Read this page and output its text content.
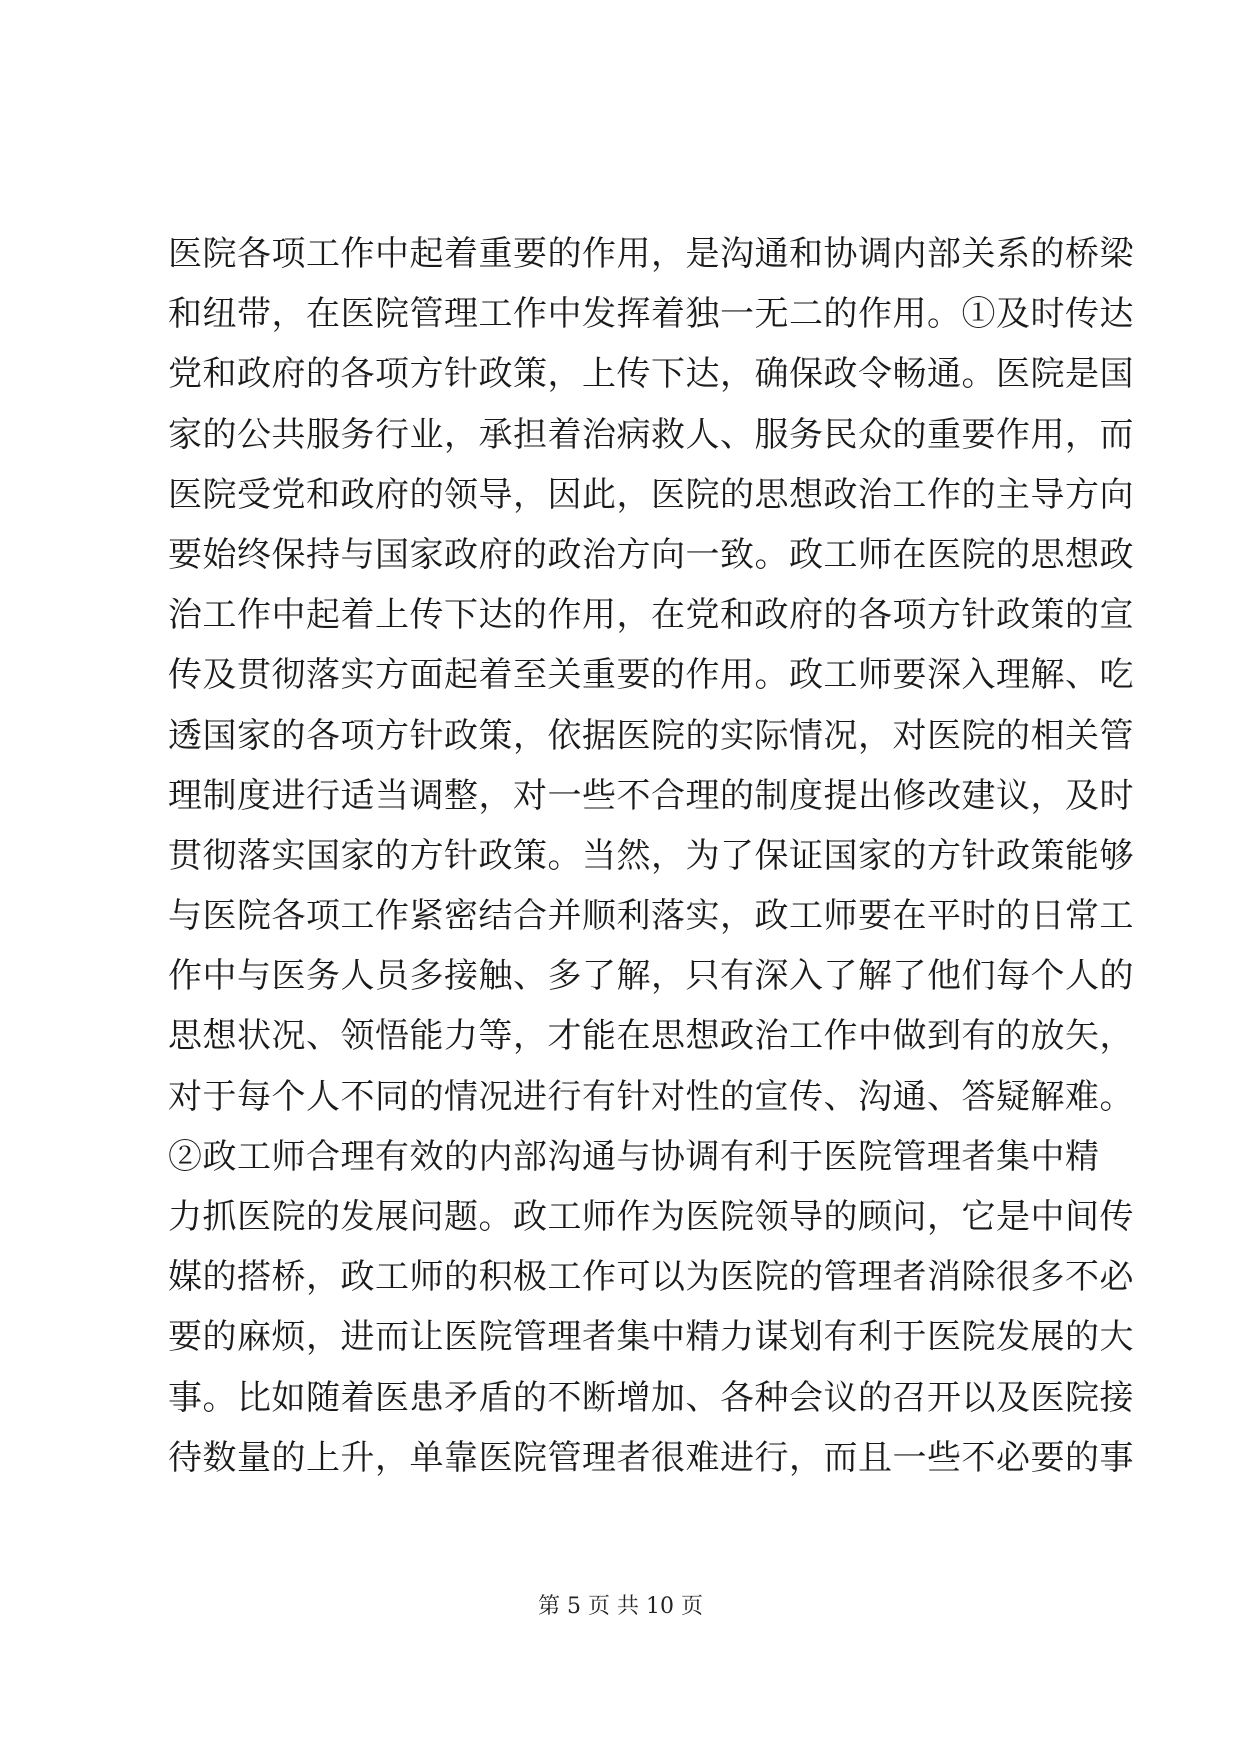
医院各项工作中起着重要的作用，是沟通和协调内部关系的桥梁
和纽带，在医院管理工作中发挥着独一无二的作用。①及时传达
党和政府的各项方针政策，上传下达，确保政令畅通。医院是国
家的公共服务行业，承担着治病救人、服务民众的重要作用，而
医院受党和政府的领导，因此，医院的思想政治工作的主导方向
要始终保持与国家政府的政治方向一致。政工师在医院的思想政
治工作中起着上传下达的作用，在党和政府的各项方针政策的宣
传及贯彻落实方面起着至关重要的作用。政工师要深入理解、吃
透国家的各项方针政策，依据医院的实际情况，对医院的相关管
理制度进行适当调整，对一些不合理的制度提出修改建议，及时
贯彻落实国家的方针政策。当然，为了保证国家的方针政策能够
与医院各项工作紧密结合并顺利落实，政工师要在平时的日常工
作中与医务人员多接触、多了解，只有深入了解了他们每个人的
思想状况、领悟能力等，才能在思想政治工作中做到有的放矢，
对于每个人不同的情况进行有针对性的宣传、沟通、答疑解难。
②政工师合理有效的内部沟通与协调有利于医院管理者集中精
力抓医院的发展问题。政工师作为医院领导的顾问，它是中间传
媒的搭桥，政工师的积极工作可以为医院的管理者消除很多不必
要的麻烦，进而让医院管理者集中精力谋划有利于医院发展的大
事。比如随着医患矛盾的不断增加、各种会议的召开以及医院接
待数量的上升，单靠医院管理者很难进行，而且一些不必要的事
第 5 页 共 10 页
